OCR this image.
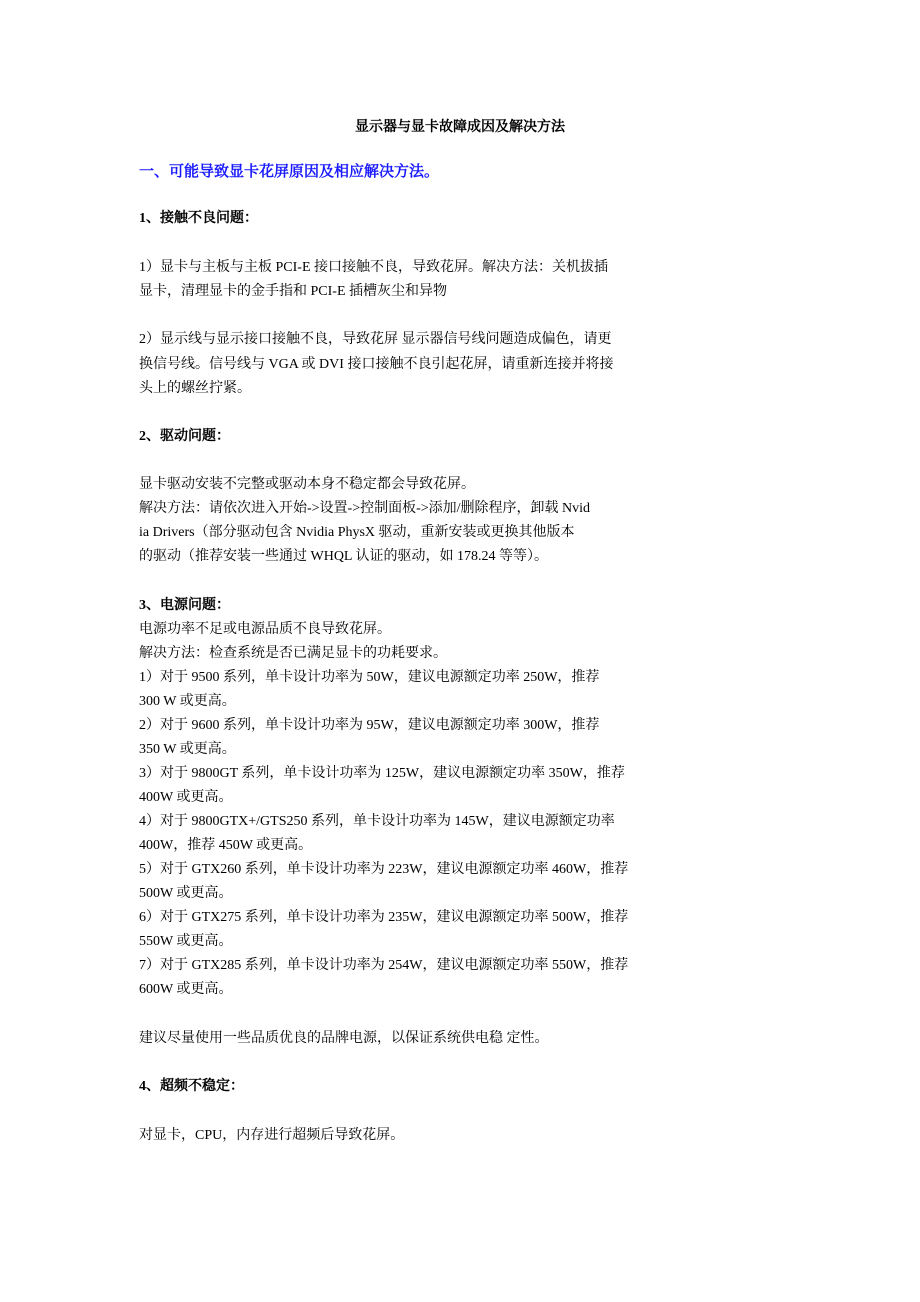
显示器与显卡故障成因及解决方法
一、可能导致显卡花屏原因及相应解决方法。
1、接触不良问题：
1）显卡与主板与主板 PCI-E 接口接触不良，导致花屏。解决方法：关机拔插
显卡，清理显卡的金手指和 PCI-E 插槽灰尘和异物
2）显示线与显示接口接触不良，导致花屏 显示器信号线问题造成偏色，请更
换信号线。信号线与 VGA 或 DVI 接口接触不良引起花屏，请重新连接并将接
头上的螺丝拧紧。
2、驱动问题：
显卡驱动安装不完整或驱动本身不稳定都会导致花屏。
解决方法：请依次进入开始->设置->控制面板->添加/删除程序，卸载 Nvid
ia Drivers（部分驱动包含 Nvidia PhysX 驱动，重新安装或更换其他版本
的驱动（推荐安装一些通过 WHQL 认证的驱动，如 178.24 等等）。
3、电源问题：
电源功率不足或电源品质不良导致花屏。
解决方法：检查系统是否已满足显卡的功耗要求。
1）对于 9500 系列，单卡设计功率为 50W，建议电源额定功率 250W，推荐
300 W 或更高。
2）对于 9600 系列，单卡设计功率为 95W，建议电源额定功率 300W，推荐
350 W 或更高。
3）对于 9800GT 系列，单卡设计功率为 125W，建议电源额定功率 350W，推荐
400W 或更高。
4）对于 9800GTX+/GTS250 系列，单卡设计功率为 145W，建议电源额定功率
400W，推荐 450W 或更高。
5）对于 GTX260 系列，单卡设计功率为 223W，建议电源额定功率 460W，推荐
500W 或更高。
6）对于 GTX275 系列，单卡设计功率为 235W，建议电源额定功率 500W，推荐
550W 或更高。
7）对于 GTX285 系列，单卡设计功率为 254W，建议电源额定功率 550W，推荐
600W 或更高。
建议尽量使用一些品质优良的品牌电源，以保证系统供电稳 定性。
4、超频不稳定：
对显卡，CPU，内存进行超频后导致花屏。
